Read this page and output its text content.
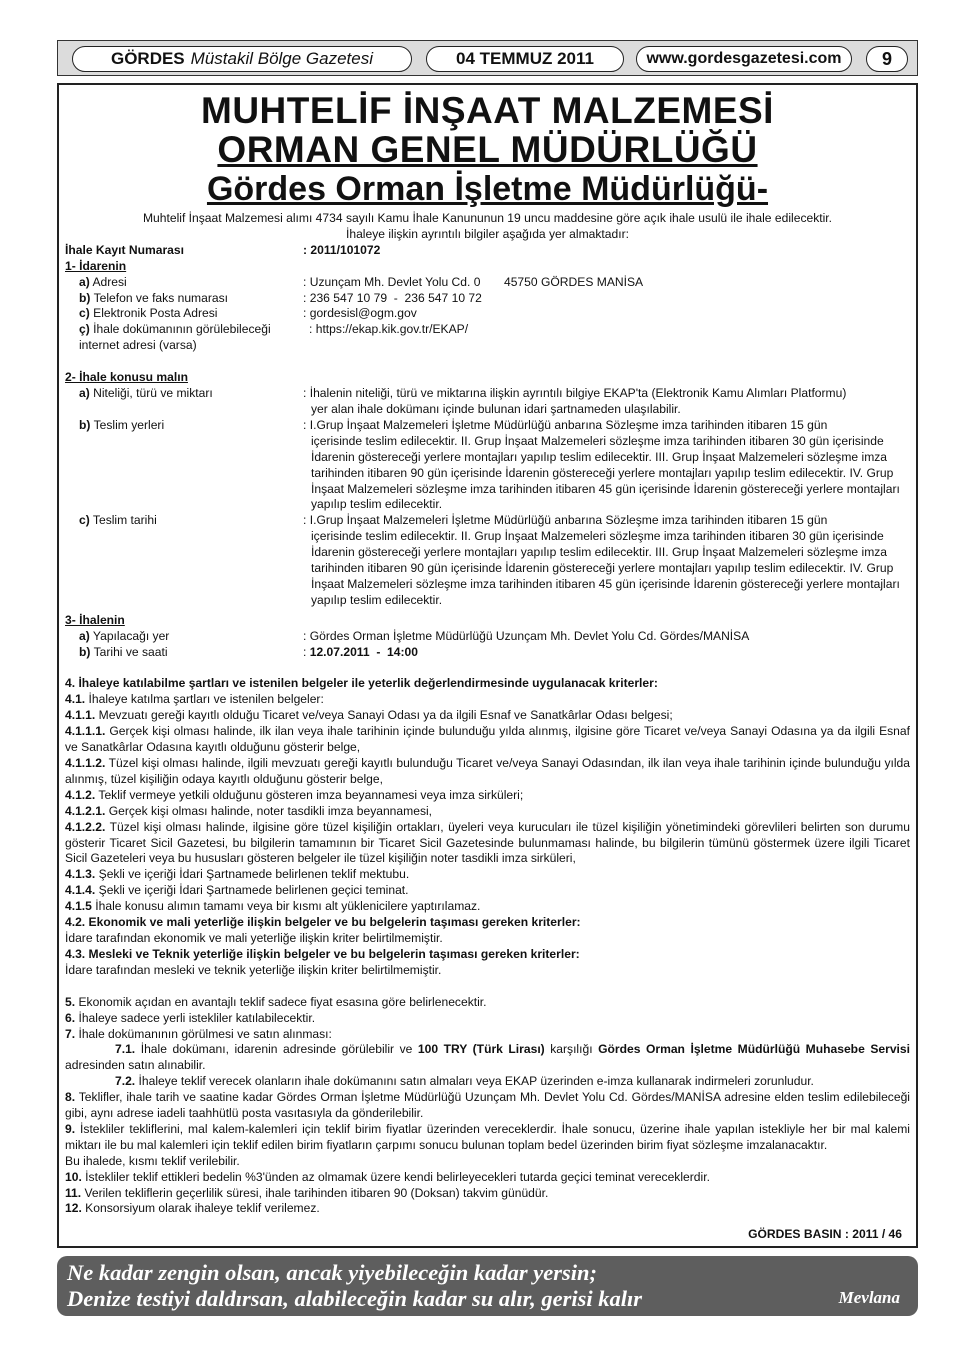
GÖRDES Müstakil Bölge Gazetesi	04 TEMMUZ 2011	www.gordesgazetesi.com	9

MUHTELİF İNŞAAT MALZEMESİ

ORMAN GENEL MÜDÜRLÜĞÜ

Gördes Orman İşletme Müdürlüğü-

Muhtelif İnşaat Malzemesi alımı 4734 sayılı Kamu İhale Kanununun 19 uncu maddesine göre açık ihale usulü ile ihale edilecektir.
İhaleye ilişkin ayrıntılı bilgiler aşağıda yer almaktadır:
İhale Kayıt Numarası	: 2011/101072
1- İdarenin
a) Adresi	: Uzunçam Mh. Devlet Yolu Cd. 0       45750 GÖRDES MANİSA
b) Telefon ve faks numarası	: 236 547 10 79  -  236 547 10 72
c) Elektronik Posta Adresi	: gordesisl@ogm.gov
ç) İhale dokümanının görülebileceği internet adresi (varsa)
: https://ekap.kik.gov.tr/EKAP/
2- İhale konusu malın
a) Niteliği, türü ve miktarı	: İhalenin niteliği, türü ve miktarına ilişkin ayrıntılı bilgiye EKAP'ta (Elektronik Kamu Alımları Platformu)
yer alan ihale dokümanı içinde bulunan idari şartnameden ulaşılabilir.
b) Teslim yerleri	: I.Grup İnşaat Malzemeleri İşletme Müdürlüğü anbarına Sözleşme imza tarihinden itibaren 15 gün
içerisinde teslim edilecektir. II. Grup İnşaat Malzemeleri sözleşme imza tarihinden itibaren 30 gün içerisinde İdarenin göstereceği yerlere montajları yapılıp teslim edilecektir. III. Grup İnşaat Malzemeleri sözleşme imza tarihinden itibaren 90 gün içerisinde İdarenin göstereceği yerlere montajları yapılıp teslim edilecektir. IV. Grup İnşaat Malzemeleri sözleşme imza tarihinden itibaren 45 gün içerisinde İdarenin göstereceği yerlere montajları yapılıp teslim edilecektir.
c) Teslim tarihi	: I.Grup İnşaat Malzemeleri İşletme Müdürlüğü anbarına Sözleşme imza tarihinden itibaren 15 gün
içerisinde teslim edilecektir. II. Grup İnşaat Malzemeleri sözleşme imza tarihinden itibaren 30 gün içerisinde İdarenin göstereceği yerlere montajları yapılıp teslim edilecektir. III. Grup İnşaat Malzemeleri sözleşme imza tarihinden itibaren 90 gün içerisinde İdarenin göstereceği yerlere montajları yapılıp teslim edilecektir. IV. Grup İnşaat Malzemeleri sözleşme imza tarihinden itibaren 45 gün içerisinde İdarenin göstereceği yerlere montajları yapılıp teslim edilecektir.
3- İhalenin
a) Yapılacağı yer	: Gördes Orman İşletme Müdürlüğü Uzunçam Mh. Devlet Yolu Cd. Gördes/MANİSA
b) Tarihi ve saati	: 12.07.2011  -  14:00
4. İhaleye katılabilme şartları ve istenilen belgeler ile yeterlik değerlendirmesinde uygulanacak kriterler:
4.1. İhaleye katılma şartları ve istenilen belgeler:
4.1.1. Mevzuatı gereği kayıtlı olduğu Ticaret ve/veya Sanayi Odası ya da ilgili Esnaf ve Sanatkârlar Odası belgesi;
4.1.1.1. Gerçek kişi olması halinde, ilk ilan veya ihale tarihinin içinde bulunduğu yılda alınmış, ilgisine göre Ticaret ve/veya Sanayi Odasına ya da ilgili Esnaf ve Sanatkârlar Odasına kayıtlı olduğunu gösterir belge,
4.1.1.2. Tüzel kişi olması halinde, ilgili mevzuatı gereği kayıtlı bulunduğu Ticaret ve/veya Sanayi Odasından, ilk ilan veya ihale tarihinin içinde bulunduğu yılda alınmış, tüzel kişiliğin odaya kayıtlı olduğunu gösterir belge,
4.1.2. Teklif vermeye yetkili olduğunu gösteren imza beyannamesi veya imza sirküleri;
4.1.2.1. Gerçek kişi olması halinde, noter tasdikli imza beyannamesi,
4.1.2.2. Tüzel kişi olması halinde, ilgisine göre tüzel kişiliğin ortakları, üyeleri veya kurucuları ile tüzel kişiliğin yönetimindeki görevlileri belirten son durumu gösterir Ticaret Sicil Gazetesi, bu bilgilerin tamamının bir Ticaret Sicil Gazetesinde bulunmaması halinde, bu bilgilerin tümünü göstermek üzere ilgili Ticaret Sicil Gazeteleri veya bu hususları gösteren belgeler ile tüzel kişiliğin noter tasdikli imza sirküleri,
4.1.3. Şekli ve içeriği İdari Şartnamede belirlenen teklif mektubu.
4.1.4. Şekli ve içeriği İdari Şartnamede belirlenen geçici teminat.
4.1.5 İhale konusu alımın tamamı veya bir kısmı alt yüklenicilere yaptırılamaz.
4.2. Ekonomik ve mali yeterliğe ilişkin belgeler ve bu belgelerin taşıması gereken kriterler:
İdare tarafından ekonomik ve mali yeterliğe ilişkin kriter belirtilmemiştir.
4.3. Mesleki ve Teknik yeterliğe ilişkin belgeler ve bu belgelerin taşıması gereken kriterler:
İdare tarafından mesleki ve teknik yeterliğe ilişkin kriter belirtilmemiştir.
5. Ekonomik açıdan en avantajlı teklif sadece fiyat esasına göre belirlenecektir.
6. İhaleye sadece yerli istekliler katılabilecektir.
7. İhale dokümanının görülmesi ve satın alınması:
7.1. İhale dokümanı, idarenin adresinde görülebilir ve 100 TRY (Türk Lirası) karşılığı Gördes Orman İşletme Müdürlüğü Muhasebe Servisi adresinden satın alınabilir.
7.2. İhaleye teklif verecek olanların ihale dokümanını satın almaları veya EKAP üzerinden e-imza kullanarak indirmeleri zorunludur.
8. Teklifler, ihale tarih ve saatine kadar Gördes Orman İşletme Müdürlüğü Uzunçam Mh. Devlet Yolu Cd. Gördes/MANİSA adresine elden teslim edilebileceği gibi, aynı adrese iadeli taahhütlü posta vasıtasıyla da gönderilebilir.
9. İstekliler tekliflerini, mal kalem-kalemleri için teklif birim fiyatlar üzerinden vereceklerdir. İhale sonucu, üzerine ihale yapılan istekliyle her bir mal kalemi miktarı ile bu mal kalemleri için teklif edilen birim fiyatların çarpımı sonucu bulunan toplam bedel üzerinden birim fiyat sözleşme imzalanacaktır.
Bu ihalede, kısmı teklif verilebilir.
10. İstekliler teklif ettikleri bedelin %3'ünden az olmamak üzere kendi belirleyecekleri tutarda geçici teminat vereceklerdir.
11. Verilen tekliflerin geçerlilik süresi, ihale tarihinden itibaren 90 (Doksan) takvim günüdür.
12. Konsorsiyum olarak ihaleye teklif verilemez.
GÖRDES BASIN : 2011 / 46
Ne kadar zengin olsan, ancak yiyebileceğin kadar yersin;
Denize testiyi daldırsan, alabileceğin kadar su alır, gerisi kalır	Mevlana
